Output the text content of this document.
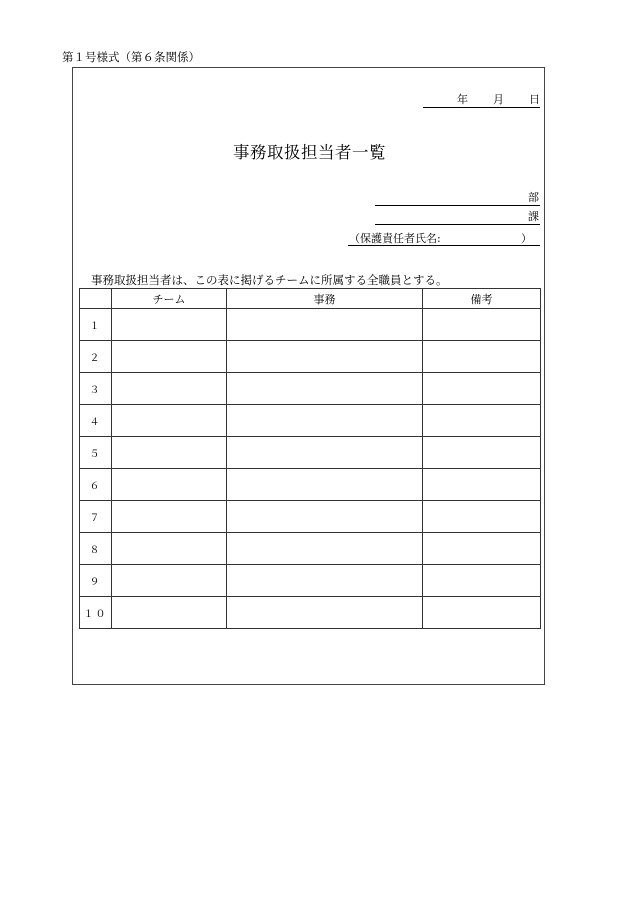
第１号様式（第６条関係）
年 月 日
事務取扱担当者一覧
部
課
（保護責任者氏名:	）
事務取扱担当者は、この表に掲げるチームに所属する全職員とする。
	チーム	事務	備考
１			
２			
３			
４			
５			
６			
７			
８			
９			
１０			
